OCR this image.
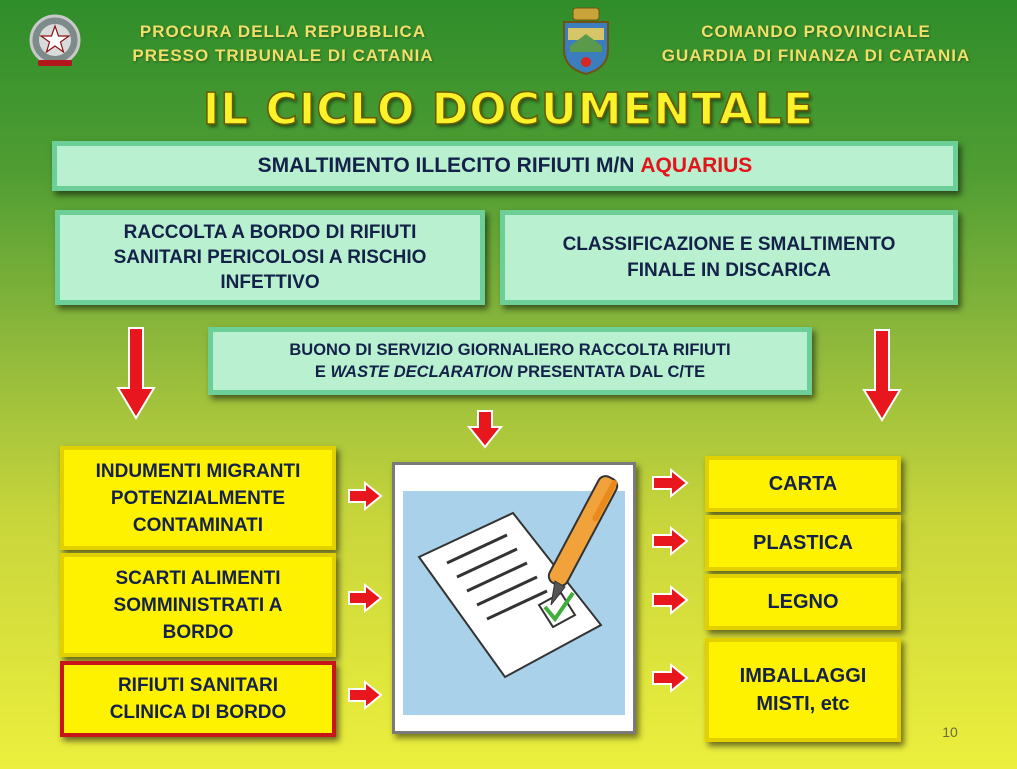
PROCURA DELLA REPUBBLICA
PRESSO TRIBUNALE DI CATANIA
COMANDO PROVINCIALE
GUARDIA DI FINANZA DI CATANIA
IL CICLO DOCUMENTALE
SMALTIMENTO ILLECITO RIFIUTI M/N AQUARIUS
RACCOLTA A BORDO DI RIFIUTI
SANITARI PERICOLOSI A RISCHIO
INFETTIVO
CLASSIFICAZIONE E SMALTIMENTO
FINALE IN DISCARICA
BUONO DI SERVIZIO GIORNALIERO RACCOLTA RIFIUTI
E WASTE DECLARATION PRESENTATA DAL C/TE
INDUMENTI MIGRANTI
POTENZIALMENTE
CONTAMINATI
SCARTI ALIMENTI
SOMMINISTRATI A
BORDO
RIFIUTI SANITARI
CLINICA DI BORDO
CARTA
PLASTICA
LEGNO
IMBALLAGGI
MISTI, etc
10
